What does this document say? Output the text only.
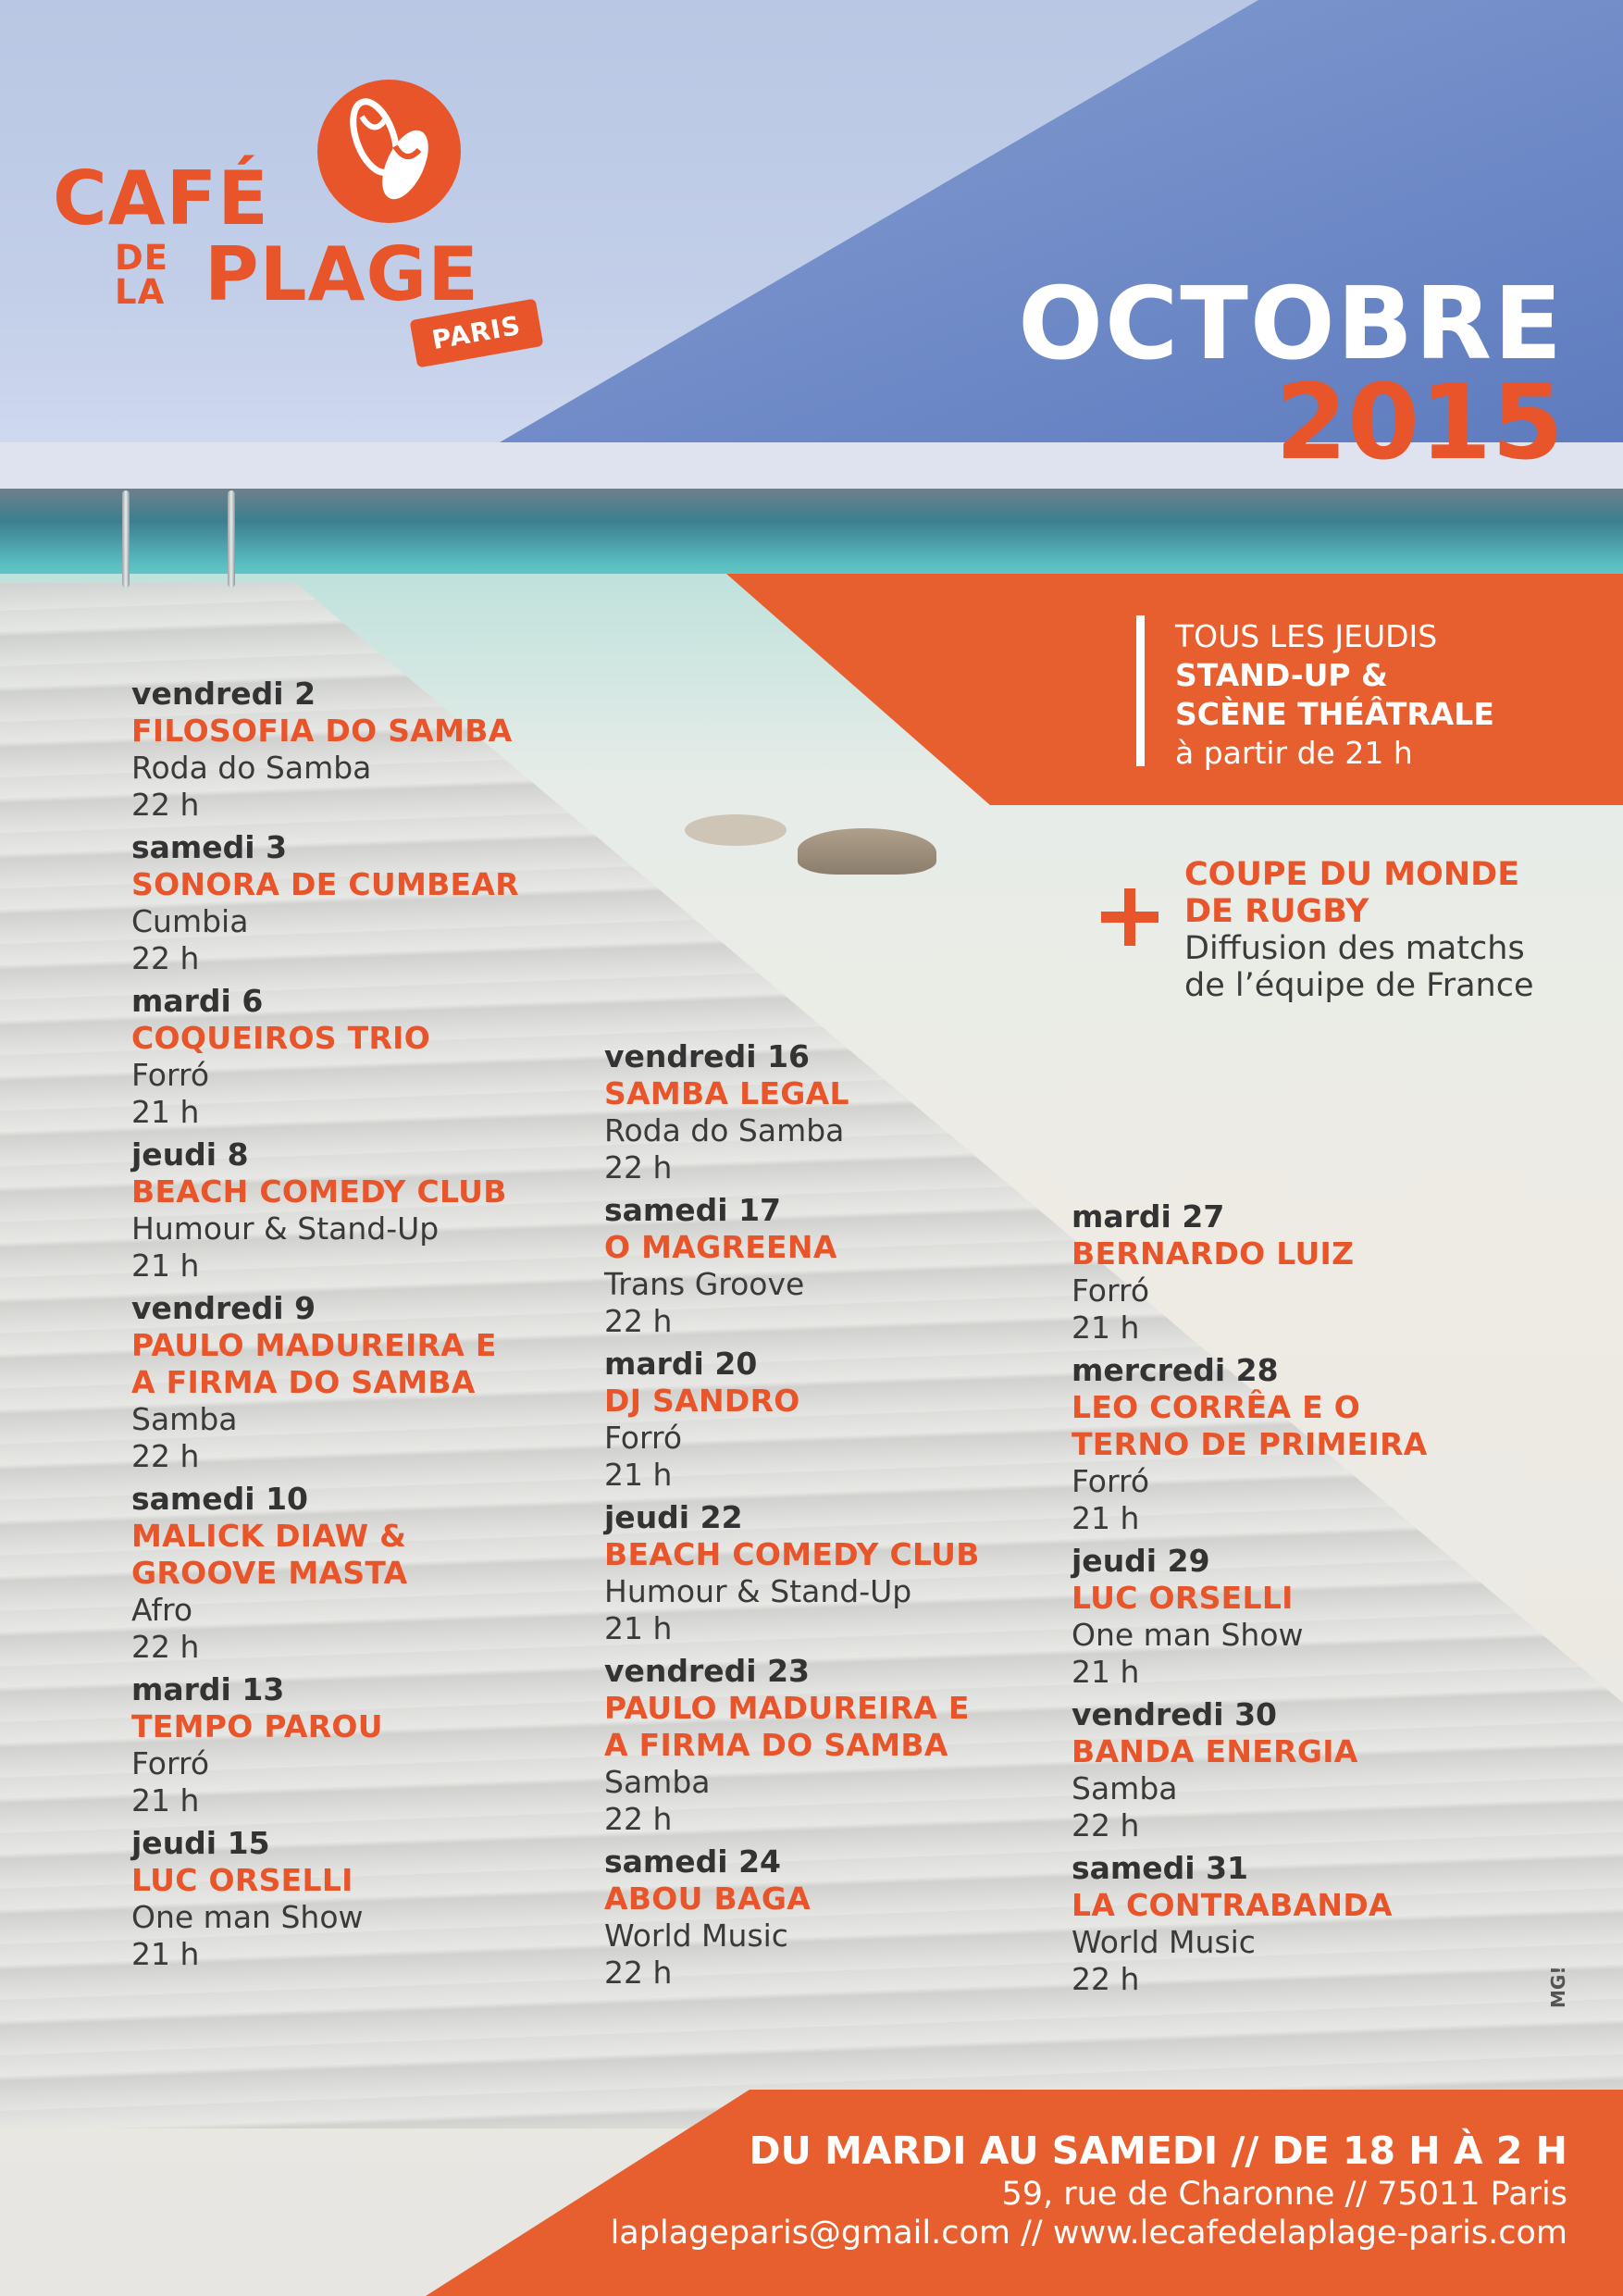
CAFÉ
DE
LA PLAGE
PARIS	OCTOBRE
2015
TOUS LES JEUDIS
STAND-UP &
SCÈNE THÉÂTRALE
à partir de 21 h
COUPE DU MONDE
DE RUGBY
Diffusion des matchs
de l’équipe de France
vendredi 2
FILOSOFIA DO SAMBA
Roda do Samba
22 h
samedi 3
SONORA DE CUMBEAR
Cumbia
22 h
mardi 6
COQUEIROS TRIO
Forró
21 h
jeudi 8
BEACH COMEDY CLUB
Humour & Stand-Up
21 h
vendredi 9
PAULO MADUREIRA E
A FIRMA DO SAMBA
Samba
22 h
samedi 10
MALICK DIAW &
GROOVE MASTA
Afro
22 h
mardi 13
TEMPO PAROU
Forró
21 h
jeudi 15
LUC ORSELLI
One man Show
21 h
vendredi 16
SAMBA LEGAL
Roda do Samba
22 h
samedi 17
O MAGREENA
Trans Groove
22 h
mardi 20
DJ SANDRO
Forró
21 h
jeudi 22
BEACH COMEDY CLUB
Humour & Stand-Up
21 h
vendredi 23
PAULO MADUREIRA E
A FIRMA DO SAMBA
Samba
22 h
samedi 24
ABOU BAGA
World Music
22 h
mardi 27
BERNARDO LUIZ
Forró
21 h
mercredi 28
LEO CORRÊA E O
TERNO DE PRIMEIRA
Forró
21 h
jeudi 29
LUC ORSELLI
One man Show
21 h
vendredi 30
BANDA ENERGIA
Samba
22 h
samedi 31
LA CONTRABANDA
World Music
22 h	MG!
DU MARDI AU SAMEDI // DE 18 H À 2 H
59, rue de Charonne // 75011 Paris
laplageparis@gmail.com // www.lecafedelaplage-paris.com
